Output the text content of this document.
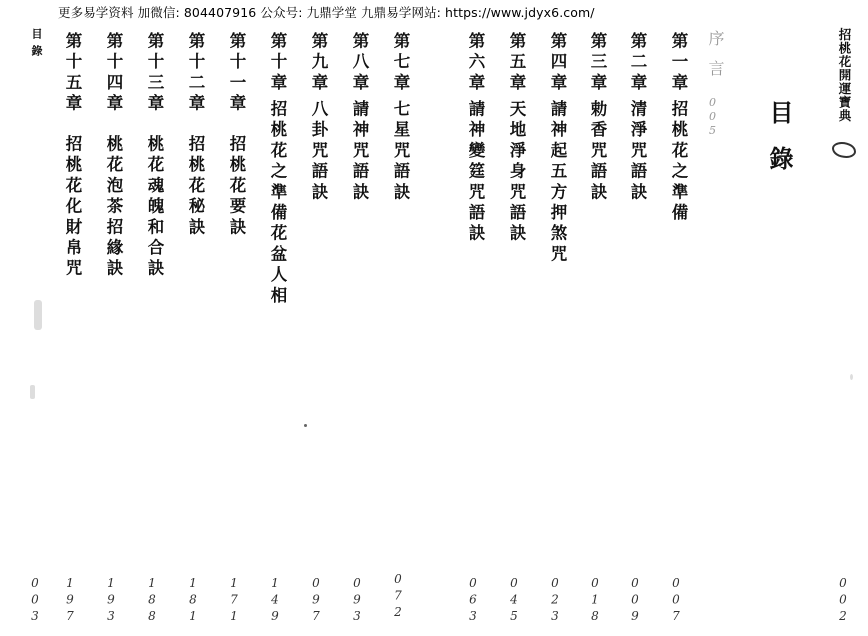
更多易学资料 加微信: 804407916 公众号: 九鼎学堂 九鼎易学网站: https://www.jdyx6.com/
目錄	招桃花開運寶典
目錄
序言
005
第一章
招桃花之準備
007
第二章
清淨咒語訣
009
第三章
勅香咒語訣
018
第四章
請神起五方押煞咒
023
第五章
天地淨身咒語訣
045
第六章
請神變筳咒語訣
063
第七章
七星咒語訣
072
第八章
請神咒語訣
093
第九章
八卦咒語訣
097
第十章
招桃花之準備花盆人相
149
第十一章
招桃花要訣
171
第十二章
招桃花秘訣
181
第十三章
桃花魂魄和合訣
188
第十四章
桃花泡茶招緣訣
193
第十五章
招桃花化財帛咒
197
003	002
